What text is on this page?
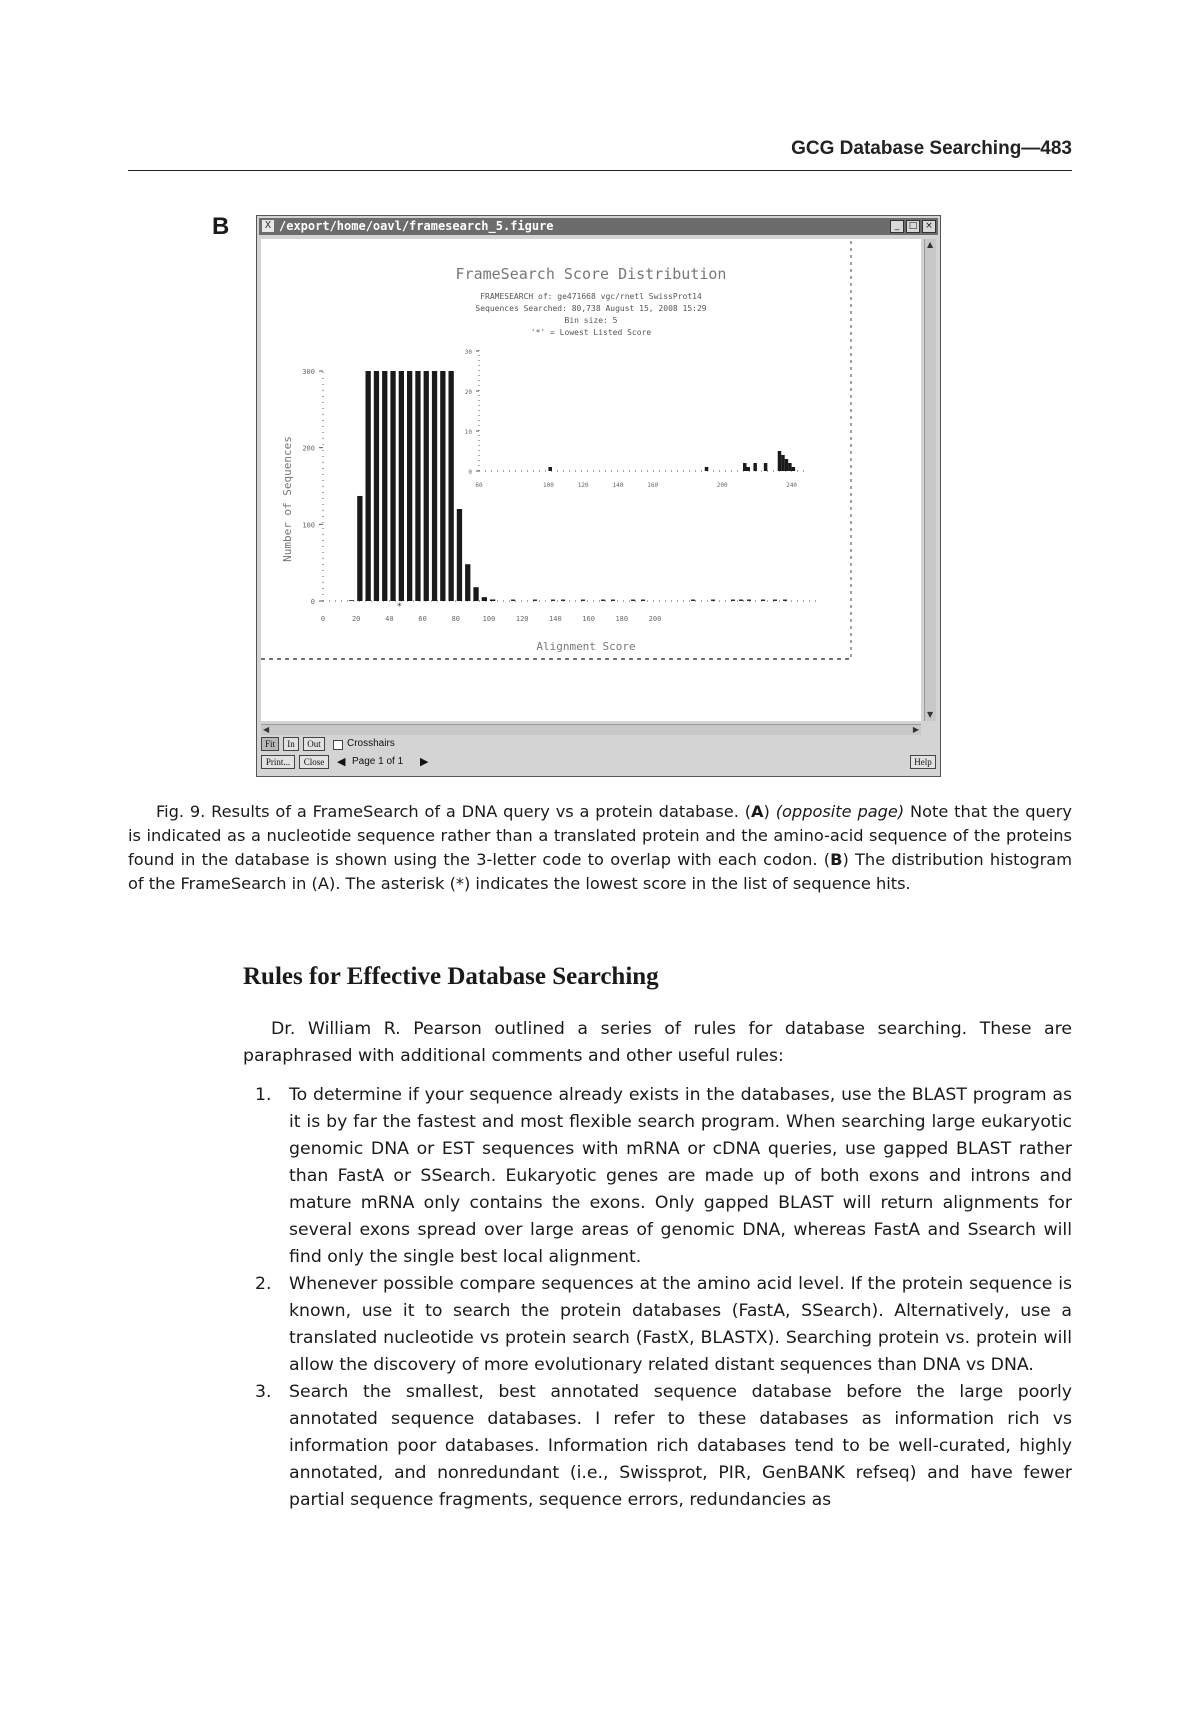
GCG Database Searching—483
B	X /export/home/oavl/framesearch_5.figure	_	□ ×
FrameSearch Score Distribution
FRAMESEARCH of: ge471668 vgc/rnetl SwissProt14
Sequences Searched: 80,738 August 15, 2008 15:29
Bin size: 5
'*' = Lowest Listed Score
Number of Sequences
Alignment Score
0	20	40	60	80	100	120	140	160	180	200
0
100
200
300
*
60	100	120	140	160	200	240
0
10
20
30
▲
▼
◀	▶
Fit	In	Out	Crosshairs
Print...	Close	◀ Page 1 of 1 ▶	Help
Fig. 9. Results of a FrameSearch of a DNA query vs a protein database. (A) (opposite page) Note that the query is indicated as a nucleotide sequence rather than a translated protein and the amino-acid sequence of the proteins found in the database is shown using the 3-letter code to overlap with each codon. (B) The distribution histogram of the FrameSearch in (A). The asterisk (*) indicates the lowest score in the list of sequence hits.
Rules for Effective Database Searching
Dr. William R. Pearson outlined a series of rules for database searching. These are paraphrased with additional comments and other useful rules:
1. To determine if your sequence already exists in the databases, use the BLAST program as it is by far the fastest and most flexible search program. When searching large eukaryotic genomic DNA or EST sequences with mRNA or cDNA queries, use gapped BLAST rather than FastA or SSearch. Eukaryotic genes are made up of both exons and introns and mature mRNA only contains the exons. Only gapped BLAST will return alignments for several exons spread over large areas of genomic DNA, whereas FastA and Ssearch will find only the single best local alignment.
2. Whenever possible compare sequences at the amino acid level. If the protein sequence is known, use it to search the protein databases (FastA, SSearch). Alternatively, use a translated nucleotide vs protein search (FastX, BLASTX). Searching protein vs. protein will allow the discovery of more evolutionary related distant sequences than DNA vs DNA.
3. Search the smallest, best annotated sequence database before the large poorly annotated sequence databases. I refer to these databases as information rich vs information poor databases. Information rich databases tend to be well-curated, highly annotated, and nonredundant (i.e., Swissprot, PIR, GenBANK refseq) and have fewer partial sequence fragments, sequence errors, redundancies as
